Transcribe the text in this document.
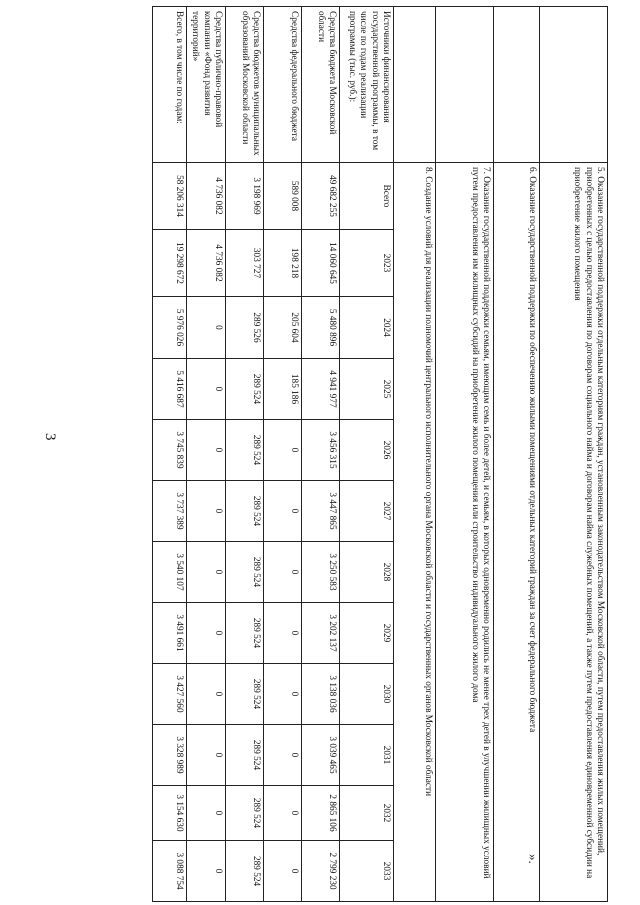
3
		5. Оказание государственной поддержки отдельным категориям граждан, установленным законодательством Московской области, путем предоставления жилых помещений, приобретенных с целью предоставления по договорам социального найма и договорам найма служебных помещений, а также путем предоставления единовременной субсидии на приобретение жилого помещения											
	6. Оказание государственной поддержки по обеспечению жилыми помещениями отдельных категорий граждан за счет федерального бюджета											
	7. Оказание государственной поддержки семьям, имеющим семь и более детей, и семьям, в которых одновременно родились не менее трех детей в улучшении жилищных условий путем предоставления им жилищных субсидий на приобретение жилого помещения или строительство индивидуального жилого дома											
	8. Создание условий для реализации полномочий центрального исполнительного органа Московской области и государственных органов Московской области											
Источники финансирования государственной программы, в том числе по годам реализации программы (тыс. руб.):	Всего	2023	2024	2025	2026	2027	2028	2029	2030	2031	2032	2033
Средства бюджета Московской области	49 682 255	14 060 645	5 480 896	4 941 977	3 456 315	3 447 865	3 250 583	3 202 137	3 138 036	3 039 465	2 865 106	2 799 230
Средства федерального бюджета	589 008	198 218	205 604	185 186	0	0	0	0	0	0	0	0
Средства бюджетов муниципальных образований Московской области	3 198 969	303 727	289 526	289 524	289 524	289 524	289 524	289 524	289 524	289 524	289 524	289 524
Средства публично-правовой компании «Фонд развития территорий»	4 736 082	4 736 082	0	0	0	0	0	0	0	0	0	0
Всего, в том числе по годам:	58 206 314	19 298 672	5 976 026	5 416 687	3 745 839	3 737 389	3 540 107	3 491 661	3 427 560	3 328 989	3 154 630	3 088 754	».
